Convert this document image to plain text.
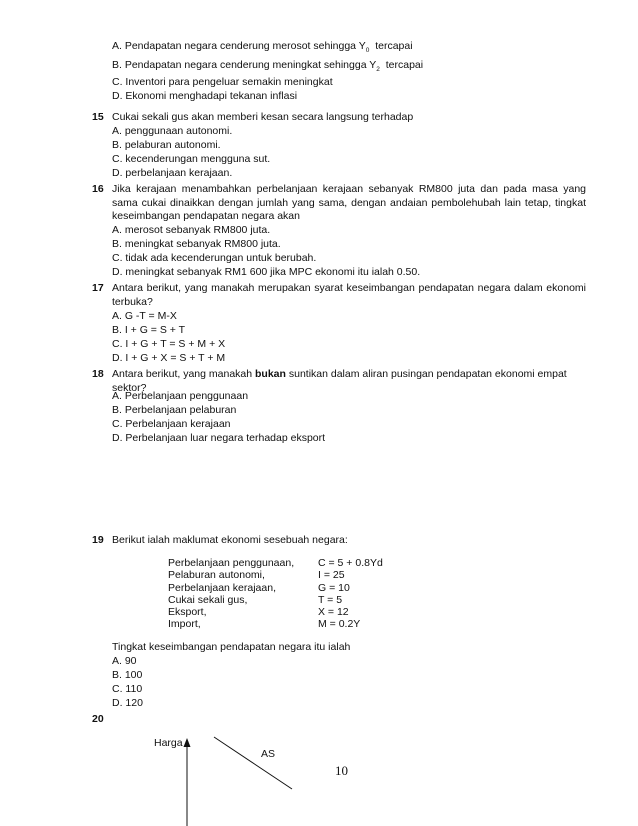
A. Pendapatan negara cenderung merosot sehingga $Y_0$ tercapai
B. Pendapatan negara cenderung meningkat sehingga $Y_2$ tercapai
C. Inventori para pengeluar semakin meningkat
D. Ekonomi menghadapi tekanan inflasi
15 Cukai sekali gus akan memberi kesan secara langsung terhadap
A. penggunaan autonomi.
B. pelaburan autonomi.
C. kecenderungan mengguna sut.
D. perbelanjaan kerajaan.
16 Jika kerajaan menambahkan perbelanjaan kerajaan sebanyak RM800 juta dan pada masa yang sama cukai dinaikkan dengan jumlah yang sama, dengan andaian pembolehubah lain tetap, tingkat keseimbangan pendapatan negara akan
A. merosot sebanyak RM800 juta.
B. meningkat sebanyak RM800 juta.
C. tidak ada kecenderungan untuk berubah.
D. meningkat sebanyak RM1 600 jika MPC ekonomi itu ialah 0.50.
17 Antara berikut, yang manakah merupakan syarat keseimbangan pendapatan negara dalam ekonomi terbuka?
A. G -T = M-X
B. I + G = S + T
C. I + G + T = S + M + X
D. I + G + X = S + T + M
18 Antara berikut, yang manakah bukan suntikan dalam aliran pusingan pendapatan ekonomi empat sektor?
A. Perbelanjaan penggunaan
B. Perbelanjaan pelaburan
C. Perbelanjaan kerajaan
D. Perbelanjaan luar negara terhadap eksport
19 Berikut ialah maklumat ekonomi sesebuah negara:
Perbelanjaan penggunaan,	C = 5 + 0.8Yd
Pelaburan autonomi,	I = 25
Perbelanjaan kerajaan,	G = 10
Cukai sekali gus,	T = 5
Eksport,	X = 12
Import,	M = 0.2Y
Tingkat keseimbangan pendapatan negara itu ialah
A. 90
B. 100
C. 110
D. 120
20
Harga
AS
10
